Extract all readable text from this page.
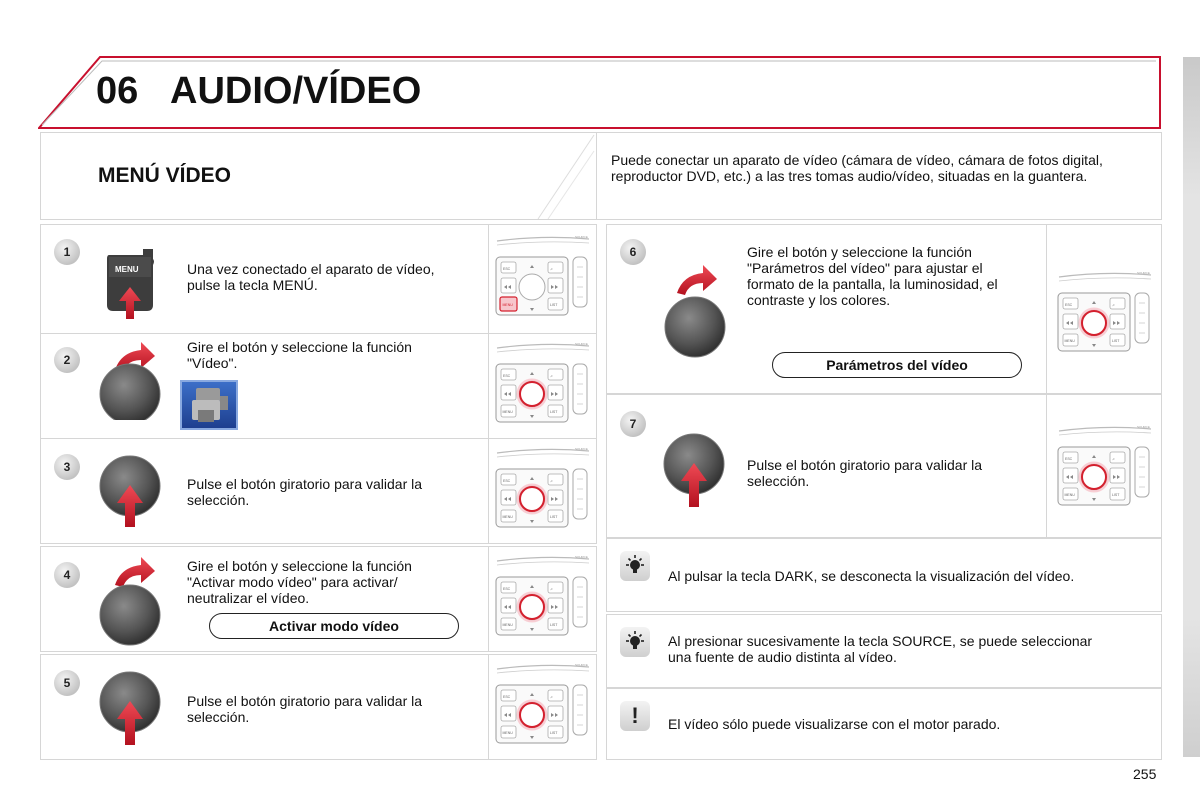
06 AUDIO/VÍDEO
MENÚ VÍDEO
Puede conectar un aparato de vídeo (cámara de vídeo, cámara de fotos digital, reproductor DVD, etc.) a las tres tomas audio/vídeo, situadas en la guantera.
1
MENU	Una vez conectado el aparato de vídeo, pulse la tecla MENÚ.
ESC	♫
MENU	LIST
2
Gire el botón y seleccione la función "Vídeo".
ESC	♫
MENU	LIST
3
Pulse el botón giratorio para validar la selección.
ESC	♫
MENU	LIST
4
Gire el botón y seleccione la función "Activar modo vídeo" para activar/ neutralizar el vídeo.
Activar modo vídeo
ESC	♫
MENU	LIST
5
Pulse el botón giratorio para validar la selección.
ESC	♫
MENU	LIST
6	Gire el botón y seleccione la función "Parámetros del vídeo" para ajustar el formato de la pantalla, la luminosidad, el contraste y los colores.
Parámetros del vídeo
ESC	♫
MENU	LIST
7
Pulse el botón giratorio para validar la selección.
ESC	♫
MENU	LIST
Al pulsar la tecla DARK, se desconecta la visualización del vídeo.
Al presionar sucesivamente la tecla SOURCE, se puede seleccionar una fuente de audio distinta al vídeo.
!	El vídeo sólo puede visualizarse con el motor parado.
255
